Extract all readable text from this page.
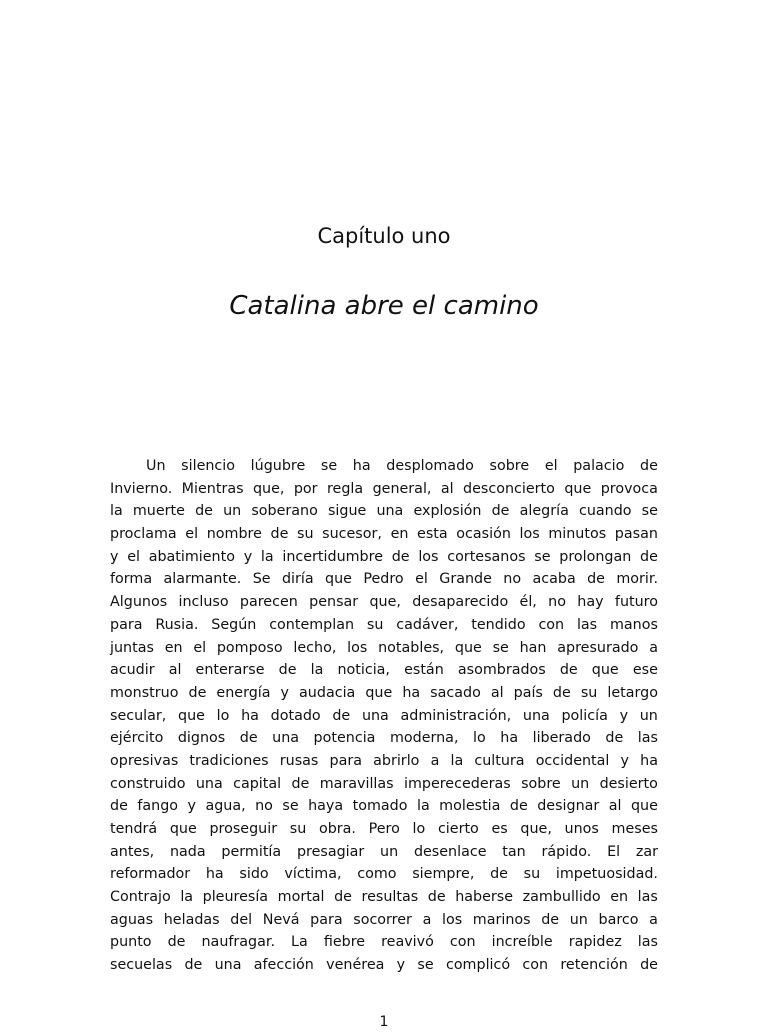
Capítulo uno
Catalina abre el camino
Un silencio lúgubre se ha desplomado sobre el palacio de
Invierno. Mientras que, por regla general, al desconcierto que provoca
la muerte de un soberano sigue una explosión de alegría cuando se
proclama el nombre de su sucesor, en esta ocasión los minutos pasan
y el abatimiento y la incertidumbre de los cortesanos se prolongan de
forma alarmante. Se diría que Pedro el Grande no acaba de morir.
Algunos incluso parecen pensar que, desaparecido él, no hay futuro
para Rusia. Según contemplan su cadáver, tendido con las manos
juntas en el pomposo lecho, los notables, que se han apresurado a
acudir al enterarse de la noticia, están asombrados de que ese
monstruo de energía y audacia que ha sacado al país de su letargo
secular, que lo ha dotado de una administración, una policía y un
ejército dignos de una potencia moderna, lo ha liberado de las
opresivas tradiciones rusas para abrirlo a la cultura occidental y ha
construido una capital de maravillas imperecederas sobre un desierto
de fango y agua, no se haya tomado la molestia de designar al que
tendrá que proseguir su obra. Pero lo cierto es que, unos meses
antes, nada permitía presagiar un desenlace tan rápido. El zar
reformador ha sido víctima, como siempre, de su impetuosidad.
Contrajo la pleuresía mortal de resultas de haberse zambullido en las
aguas heladas del Nevá para socorrer a los marinos de un barco a
punto de naufragar. La fiebre reavivó con increíble rapidez las
secuelas de una afección venérea y se complicó con retención de
1
